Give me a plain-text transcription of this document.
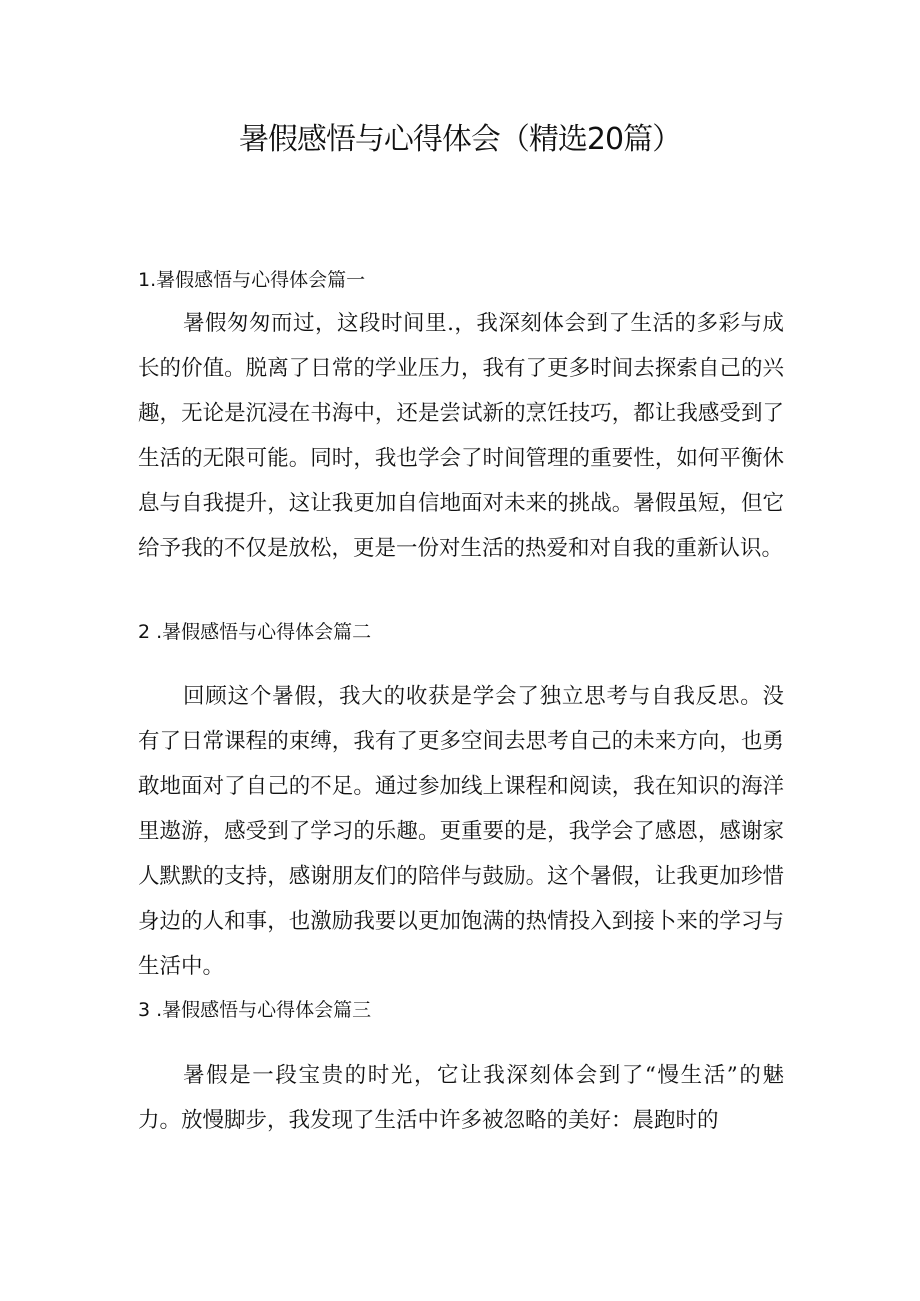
暑假感悟与心得体会（精选20篇）
1.暑假感悟与心得体会篇一

暑假匆匆而过，这段时间里.，我深刻体会到了生活的多彩与成长的价值。脱离了日常的学业压力，我有了更多时间去探索自己的兴趣，无论是沉浸在书海中，还是尝试新的烹饪技巧，都让我感受到了生活的无限可能。同时，我也学会了时间管理的重要性，如何平衡休息与自我提升，这让我更加自信地面对未来的挑战。暑假虽短，但它给予我的不仅是放松，更是一份对生活的热爱和对自我的重新认识。

2 .暑假感悟与心得体会篇二

回顾这个暑假，我大的收获是学会了独立思考与自我反思。没有了日常课程的束缚，我有了更多空间去思考自己的未来方向，也勇敢地面对了自己的不足。通过参加线上课程和阅读，我在知识的海洋里遨游，感受到了学习的乐趣。更重要的是，我学会了感恩，感谢家人默默的支持，感谢朋友们的陪伴与鼓励。这个暑假，让我更加珍惜身边的人和事，也激励我要以更加饱满的热情投入到接卜来的学习与生活中。

3 .暑假感悟与心得体会篇三

暑假是一段宝贵的时光，它让我深刻体会到了“慢生活”的魅力。放慢脚步，我发现了生活中许多被忽略的美好：晨跑时的
